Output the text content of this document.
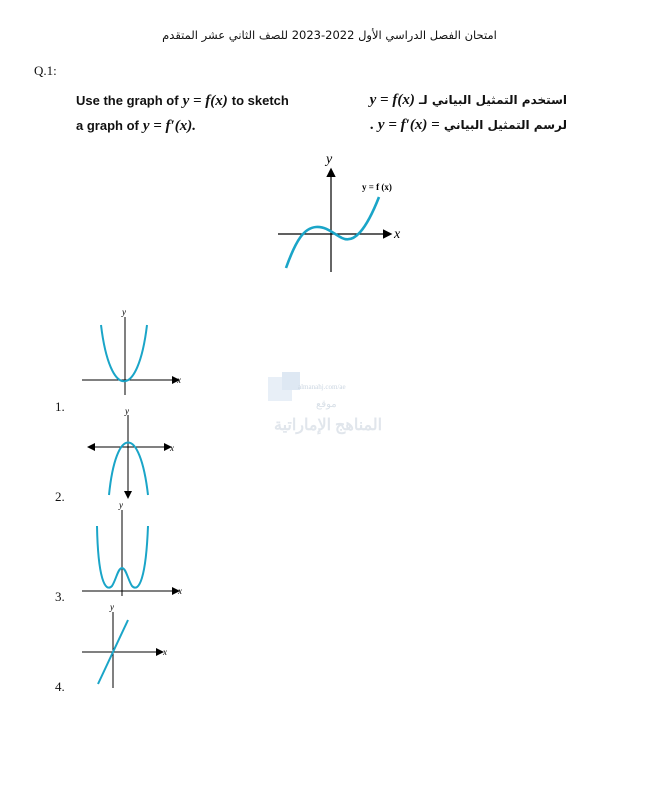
امتحان الفصل الدراسي الأول 2022-2023 للصف الثاني عشر المتقدم
Q.1:
Use the graph of y = f(x) to sketch
a graph of y = f′(x).
استخدم التمثيل البياني لـ y = f(x)
لرسم التمثيل البياني . y = f′(x) =
x
y
y = f (x)
almanahj.com/ae
موقع
المناهج الإماراتية
x
y
1.
x
y
2.
x
y
3.
x
y
4.
